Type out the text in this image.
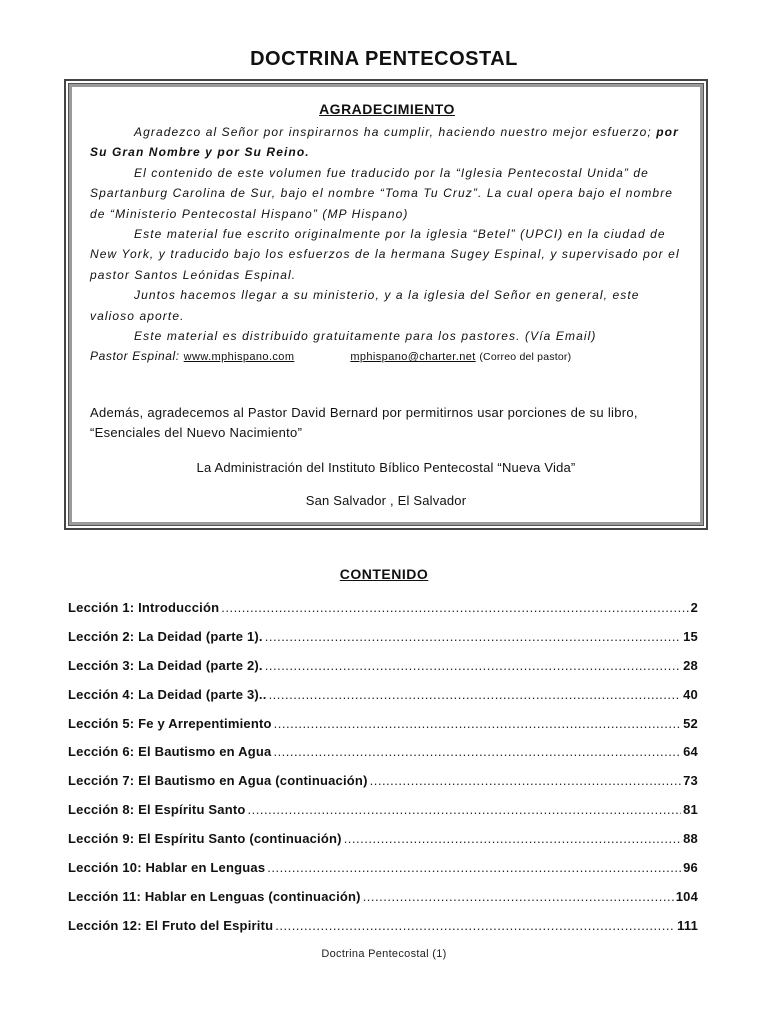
DOCTRINA PENTECOSTAL
AGRADECIMIENTO

Agradezco al Señor por inspirarnos ha cumplir, haciendo nuestro mejor esfuerzo; por Su Gran Nombre y por Su Reino.

El contenido de este volumen fue traducido por la “Iglesia Pentecostal Unida” de Spartanburg Carolina de Sur, bajo el nombre “Toma Tu Cruz”. La cual opera bajo el nombre de “Ministerio Pentecostal Hispano” (MP Hispano)

Este material fue escrito originalmente por la iglesia “Betel” (UPCI) en la ciudad de New York, y traducido bajo los esfuerzos de la hermana Sugey Espinal, y supervisado por el pastor Santos Leónidas Espinal.

Juntos hacemos llegar a su ministerio, y a la iglesia del Señor en general, este valioso aporte.

Este material es distribuido gratuitamente para los pastores. (Vía Email)

Pastor Espinal: www.mphispano.com	mphispano@charter.net (Correo del pastor)
Además, agradecemos al Pastor David Bernard por permitirnos usar porciones de su libro, “Esenciales del Nuevo Nacimiento”
La Administración del Instituto Bíblico Pentecostal “Nueva Vida”
San Salvador , El Salvador
CONTENIDO
Lección 1: Introducción .....	2
Lección 2: La Deidad (parte 1). .....	15
Lección 3: La Deidad (parte 2). .....	28
Lección 4: La Deidad (parte 3).. .....	40
Lección 5: Fe y Arrepentimiento .....	52
Lección 6: El Bautismo en Agua .....	64
Lección 7: El Bautismo en Agua (continuación) .....	73
Lección 8: El Espíritu Santo .....	81
Lección 9: El Espíritu Santo (continuación) .....	88
Lección 10: Hablar en Lenguas .....	96
Lección 11: Hablar en Lenguas (continuación) .....	104
Lección 12: El Fruto del Espiritu .....	111
Doctrina Pentecostal (1)
